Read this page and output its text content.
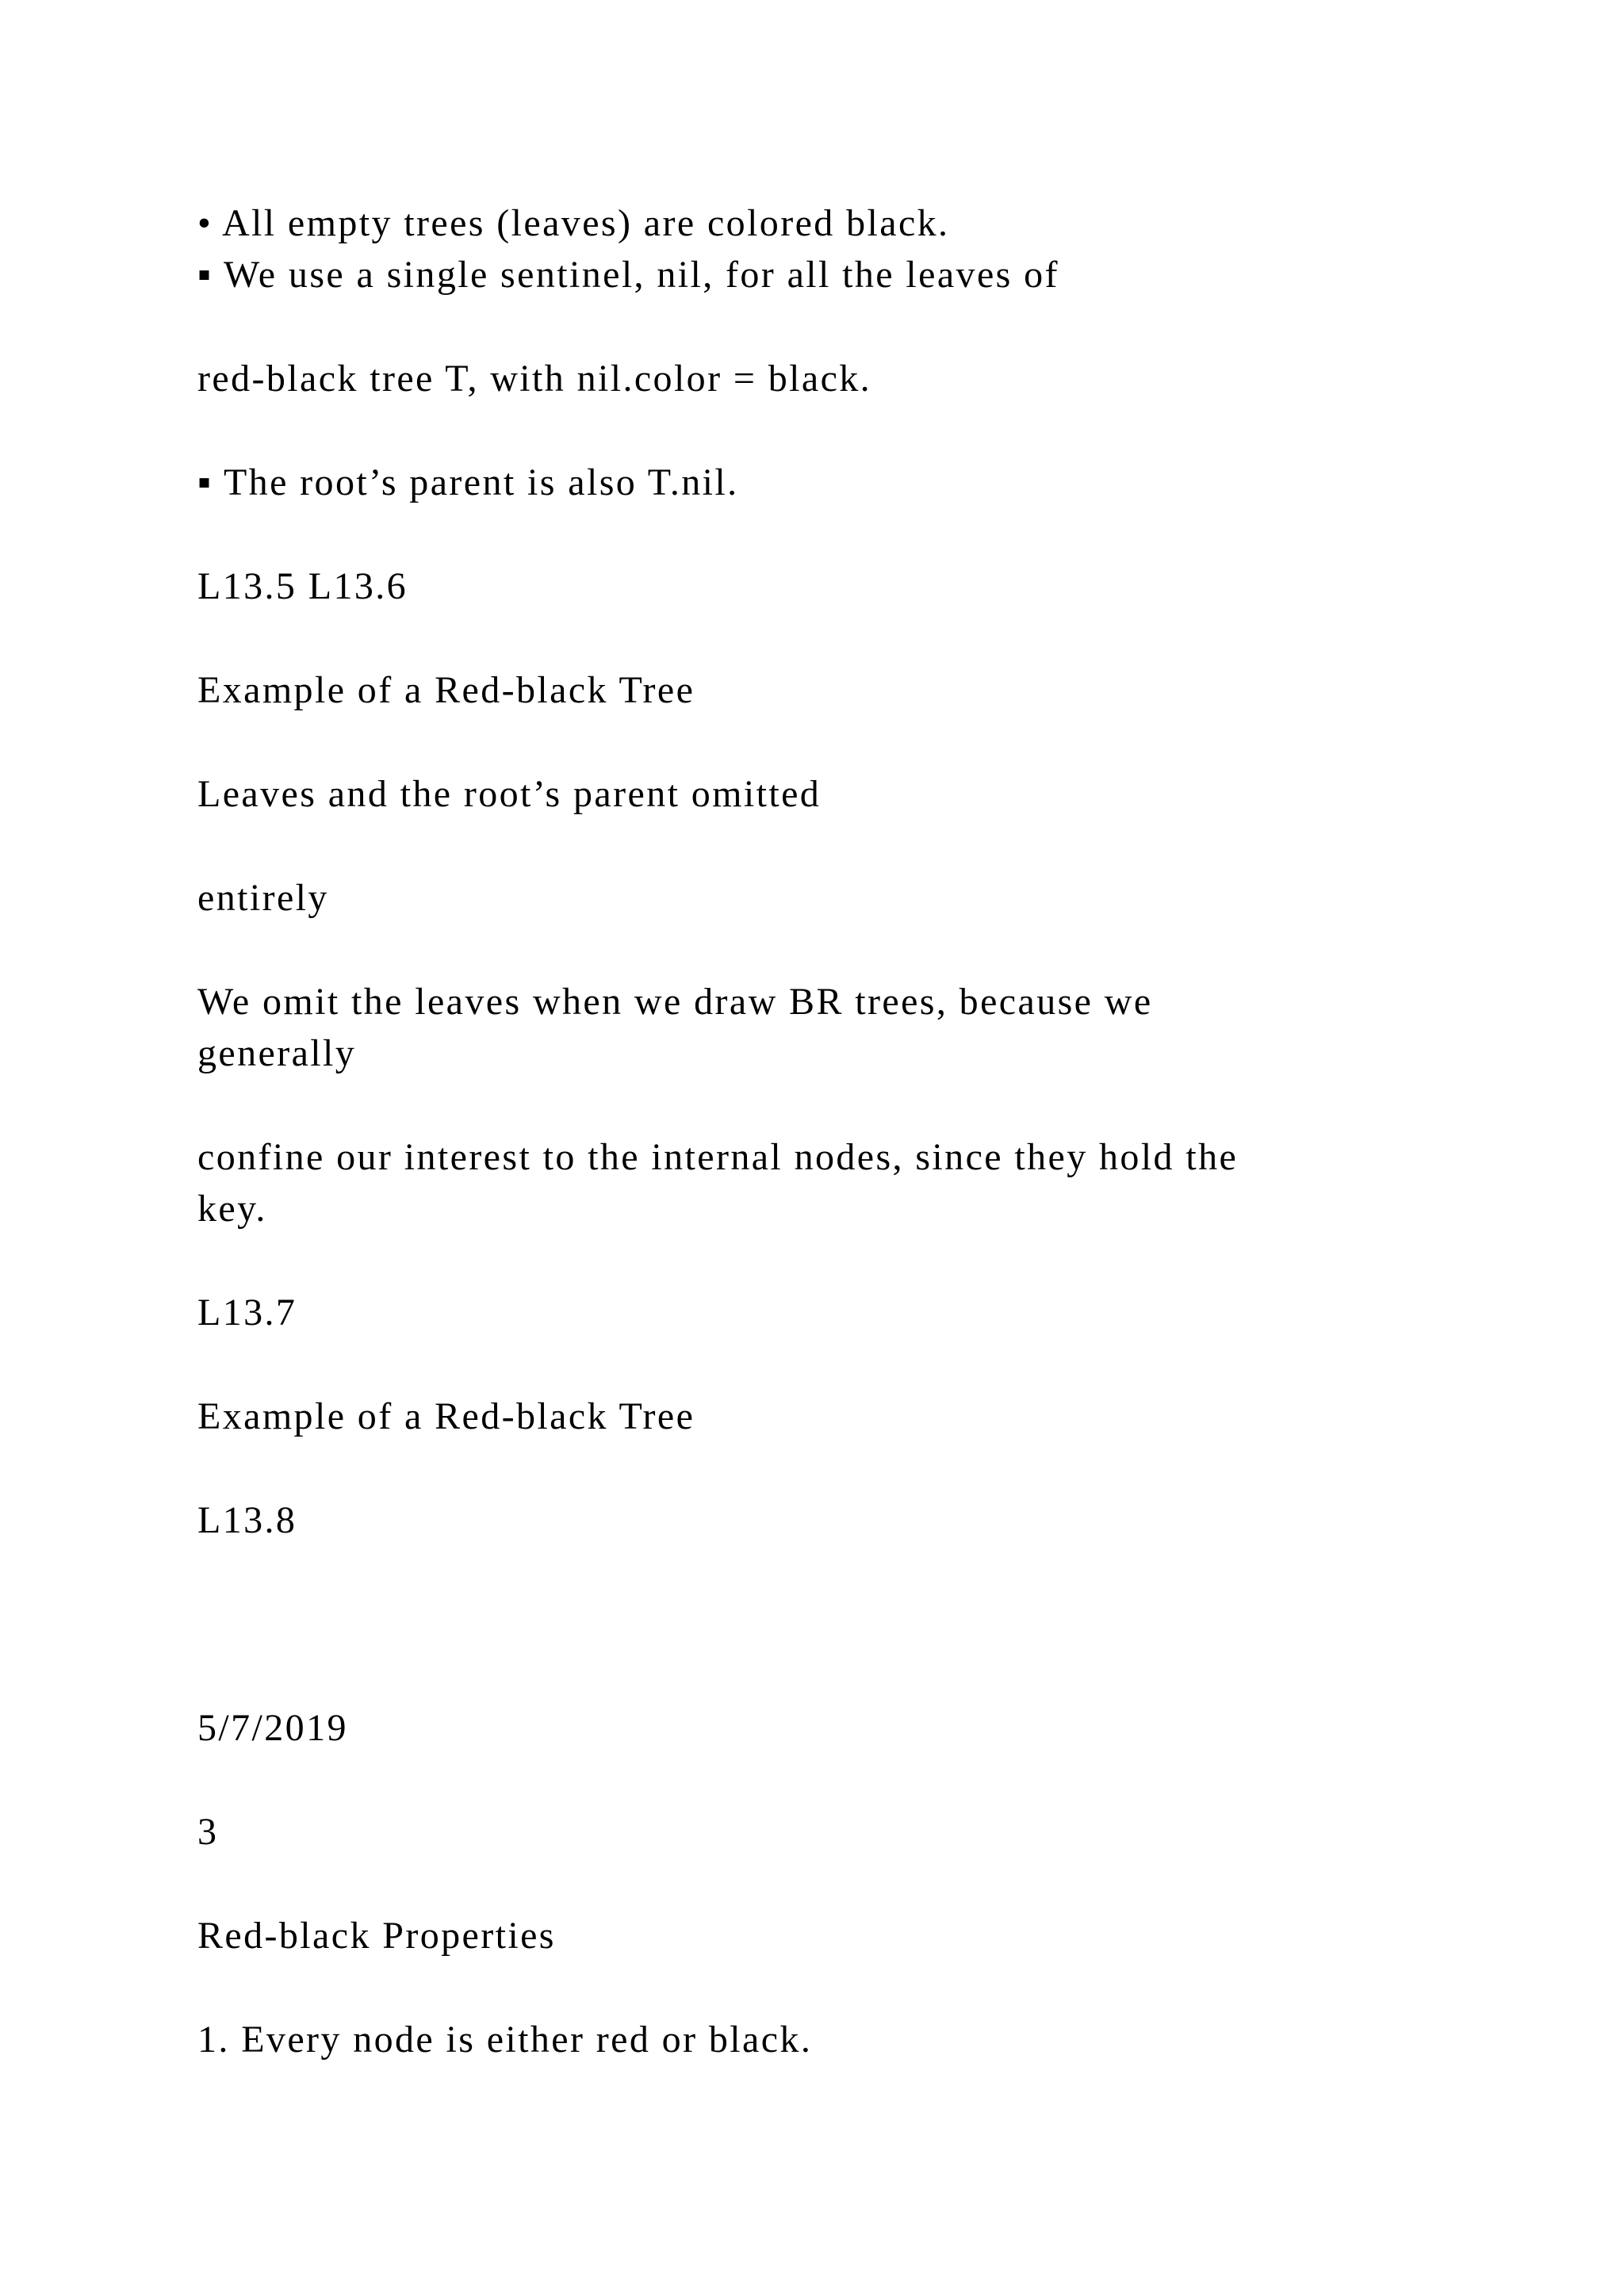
• All empty trees (leaves) are colored black.

▪ We use a single sentinel, nil, for all the leaves of

red-black tree T, with nil.color = black.

▪ The root’s parent is also T.nil.

L13.5 L13.6

Example of a Red-black Tree

Leaves and the root’s parent omitted

entirely

We omit the leaves when we draw BR trees, because we

generally

confine our interest to the internal nodes, since they hold the

key.

L13.7

Example of a Red-black Tree

L13.8

5/7/2019

3

Red-black Properties

1. Every node is either red or black.
